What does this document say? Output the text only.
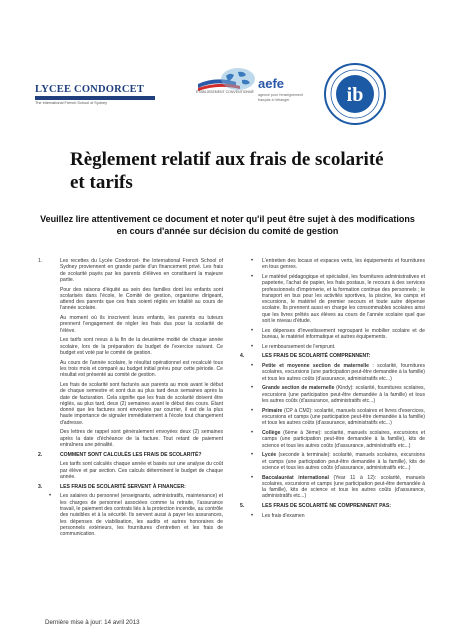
LYCEE CONDORCET
The International French School of Sydney
ÉTABLISSEMENT CONVENTIONNÉ
aefe
agence pour l'enseignement français à l'étranger	ib
Règlement relatif aux frais de scolarité et tarifs
Veuillez lire attentivement ce document et noter qu'il peut être sujet à des modifications en cours d'année sur décision du comité de gestion
1.	Les recettes du Lycée Condorcet- the International French School of Sydney proviennent en grande partie d'un financement privé. Les frais de scolarité payés par les parents d'élèves en constituent la majeure partie.
Pour des raisons d'équité au sein des familles dont les enfants sont scolarisés dans l'école, le Comité de gestion, organisme dirigeant, attend des parents que ces frais soient réglés en totalité au cours de l'année scolaire.
Au moment où ils inscrivent leurs enfants, les parents ou tuteurs prennent l'engagement de régler les frais dus pour la scolarité de l'élève.
Les tarifs sont revus à la fin de la deuxième moitié de chaque année scolaire, lors de la préparation du budget de l'exercice suivant. Ce budget est voté par le comité de gestion.
Au cours de l'année scolaire, le résultat opérationnel est recalculé tous les trois mois et comparé au budget initial prévu pour cette période. Ce résultat est présenté au comité de gestion.
Les frais de scolarité sont facturés aux parents au mois avant le début de chaque semestre et sont dus au plus tard deux semaines après la date de facturation. Cela signifie que les frais de scolarité doivent être réglés, au plus tard, deux (2) semaines avant le début des cours. Étant donné que les factures sont envoyées par courrier, il est de la plus haute importance de signaler immédiatement à l'école tout changement d'adresse.
Des lettres de rappel sont généralement envoyées deux (2) semaines après la date d'échéance de la facture. Tout retard de paiement entraînera une pénalité.
2.	COMMENT SONT CALCULÉS LES FRAIS DE SCOLARITÉ?
Les tarifs sont calculés chaque année et basés sur une analyse du coût par élève et par section. Ces calculs déterminent le budget de chaque année.
3.	LES FRAIS DE SCOLARITÉ SERVENT À FINANCER:
• Les salaires du personnel (enseignants, administratifs, maintenance) et les charges de personnel associées comme la retraite, l'assurance travail, le paiement des contrats liés à la protection incendie, au contrôle des nuisibles et à la sécurité. Ils servent aussi à payer les assurances, les dépenses de viabilisation, les audits et autres honoraires de personnels extérieurs, les fournitures d'entretien et les frais de communication.
• L'entretien des locaux et espaces verts, les équipements et fournitures en tous genres.
• Le matériel pédagogique et spécialisé, les fournitures administratives et papeterie, l'achat de papier, les frais postaux, le recours à des services professionnels d'imprimerie, et la formation continue des personnels ; le transport en bus pour les activités sportives, la piscine, les camps et excursions, le matériel de premier secours et toute autre dépense scolaire. Ils prennent aussi en charge les consommables scolaires ainsi que les livres prêtés aux élèves au cours de l'année scolaire quel que soit le niveau d'étude.
• Les dépenses d'investissement regroupant le mobilier scolaire et de bureau, le matériel informatique et autres équipements.
• Le remboursement de l'emprunt.
4.	LES FRAIS DE SCOLARITÉ COMPRENNENT:
• Petite et moyenne section de maternelle : scolarité, fournitures scolaires, excursions (une participation peut-être demandée à la famille) et tous les autres coûts (d'assurance, administratifs etc...)
• Grande section de maternelle (Kindy): scolarité, fournitures scolaires, excursions (une participation peut-être demandée à la famille) et tous les autres coûts (d'assurance, administratifs etc...)
• Primaire (CP à CM2): scolarité, manuels scolaires et livres d'exercices, excursions et camps (une participation peut-être demandée à la famille) et tous les autres coûts (d'assurance, administratifs etc...)
• Collège (6ème à 3ème): scolarité, manuels scolaires, excursions et camps (une participation peut-être demandée à la famille), kits de science et tous les autres coûts (d'assurance, administratifs etc...)
• Lycée (seconde à terminale): scolarité, manuels scolaires, excursions et camps (une participation peut-être demandée à la famille), kits de science et tous les autres coûts (d'assurance, administratifs etc...)
• Baccalauréat international (Year 11 à 12): scolarité, manuels scolaires, excursions et camps (une participation peut-être demandée à la famille), kits de science et tous les autres coûts (d'assurance, administratifs etc...)
5.	LES FRAIS DE SCOLARITÉ NE COMPRENNENT PAS:
• Les frais d'examen
Dernière mise à jour: 14 avril 2013
